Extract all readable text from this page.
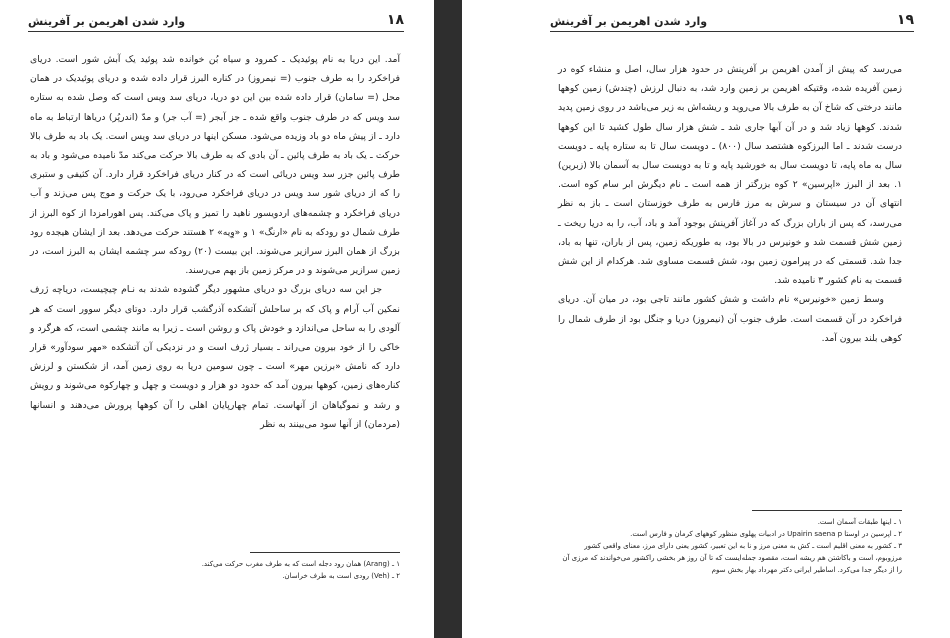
۱۸
وارد شدن اهریمن بر آفرینش

آمد. این دریا به نام پوئیدیک ـ کمرود و سیاه بُن خوانده شد پوئید یک آبش شور است. دریای فراخکرد را به طرف جنوب (= نیمروز) در کناره البرز قرار داده شده و دریای پوئیدیک در همان محل (= سامان) قرار داده شده بین این دو دریا، دریای سد ویس است که وصل شده به ستاره سد ویس که در طرف جنوب واقع شده ـ جز آبجر (= آب جر) و مدّ (اندرپُر) دریاها ارتباط به ماه دارد ـ از پیش ماه دو باد وزیده می‌شود. مسکن اینها در دریای سد ویس است. یک باد به طرف بالا حرکت ـ یک باد به طرف پائین ـ آن بادی که به طرف بالا حرکت می‌کند مدّ نامیده می‌شود و باد به طرف پائین جزر سد ویس دریائی است که در کنار دریای فراخکرد قرار دارد. آن کثیفی و ستبری را که از دریای شور سد ویس در دریای فراخکرد می‌رود، با یک حرکت و موج پس می‌زند و آب دریای فراخکرد و چشمه‌های اردویسور ناهید را تمیز و پاک می‌کند. پس اهورامزدا از کوه البرز از طرف شمال دو رودکه به نام «ارنگ» ۱ و «وِیه» ۲ هستند حرکت می‌دهد. بعد از ایشان هیجده رود بزرگ از همان البرز سرازیر می‌شوند. این بیست (۲۰) رودکه سر چشمه ایشان به البرز است، در زمین سرازیر می‌شوند و در مرکز زمین باز بهم می‌رسند.

جز این سه دریای بزرگ دو دریای مشهور دیگر گشوده شدند به نـام چیچیست، دریاچه ژرف نمکین آب آرام و پاک که بر ساحلش آتشکده آذرگشب قرار دارد. دوتای دیگر سوور است که هر آلودی را به ساحل می‌اندازد و خودش پاک و روشن است ـ زیرا به مانند چشمی است، که هرگرد و خاکی را از خود بیرون می‌راند ـ بسیار ژرف است و در نزدیکی آن آتشکده «مهر سودآور» قرار دارد که نامش «برزین مهر» است ـ چون سومین دریا به روی زمین آمد، از شکستن و لرزش کناره‌های زمین، کوهها بیرون آمد که حدود دو هزار و دویست و چهل و چهارکوه می‌شوند و رویش و رشد و نموگیاهان از آنهاست. تمام چهارپایان اهلی را آن کوهها پرورش می‌دهند و انسانها (مردمان) از آنها سود می‌بینند به نظر

۱ ـ (Arang) همان رود دجله است که به طرف مغرب حرکت می‌کند.
۲ ـ (Veh) رودی است به طرف خراسان.
۱۹
وارد شدن اهریمن بر آفرینش

می‌رسد که پیش از آمدن اهریمن بر آفرینش در حدود هزار سال، اصل و منشاء کوه در زمین آفریده شده، وقتیکه اهریمن بر زمین وارد شد، به دنبال لرزش (چندش) زمین کوهها مانند درختی که شاخ آن به طرف بالا می‌روید و ریشه‌اش به زیر می‌باشد در روی زمین پدید شدند. کوهها زیاد شد و در آن آبها جاری شد ـ شش هزار سال طول کشید تا این کوهها درست شدند ـ اما البرزکوه هشتصد سال (۸۰۰) ـ دویست سال تا به ستاره پایه ـ دویست سال به ماه پایه، تا دویست سال به خورشید پایه و تا به دویست سال به آسمان بالا (زبرین) ۱. بعد از البرز «اپرسین» ۲ کوه بزرگتر از همه است ـ نام دیگرش ابر سام کوه است. انتهای آن در سیستان و سرش به مرز فارس به طرف خوزستان است ـ باز به نظر می‌رسد، که پس از باران بزرگ که در آغاز آفرینش بوجود آمد و باد، آب، را به دریا ریخت ـ زمین شش قسمت شد و خونیرس در بالا بود، به طوریکه زمین، پس از باران، تنها به باد، جدا شد. قسمتی که در پیرامون زمین بود، شش قسمت مساوی شد. هرکدام از این شش قسمت به نام کشور ۳ نامیده شد.

وسط زمین «خونیرس» نام داشت و شش کشور مانند تاجی بود، در میان آن. دریای فراخکرد در آن قسمت است. طرف جنوب آن (نیمروز) دریا و جنگل بود از طرف شمال را کوهی بلند بیرون آمد.

۱ ـ اینها طبقات آسمان است.
۲ ـ اپرسین در اوستا Upairin saena p در ادبیات پهلوی منظور کوههای کرمان و فارس است.
۳ ـ کشور به معنی اقلیم است ـ کش به معنی مرز و نا به این تعبیر، کشور یعنی دارای مرز، معنای واقعی کشور مرزوبوم، است و باکاشتن هم ریشه است، مقصود جمله‌ایست که تا آن روز هر بخشی راکشور می‌خواندند که مرزی آن را از دیگر جدا می‌کرد. اساطیر ایرانی دکتر مهرداد بهار بخش سوم
